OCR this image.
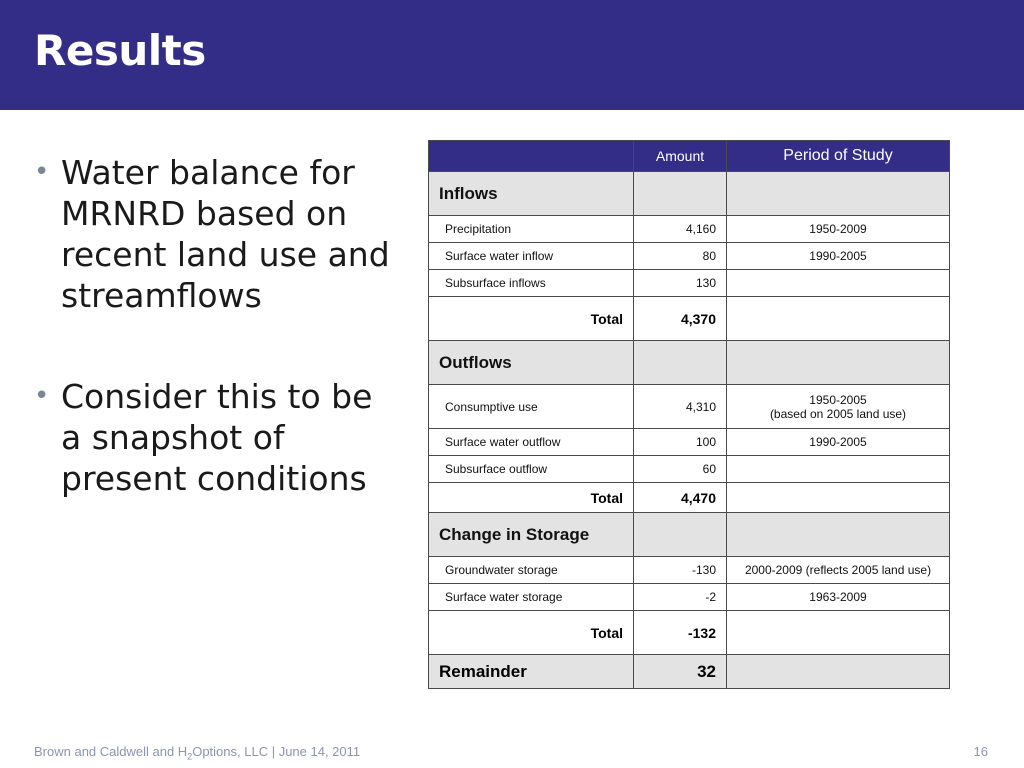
Results
• Water balance for MRNRD based on recent land use and streamflows
• Consider this to be a snapshot of present conditions
	Amount	Period of Study
Inflows		
Precipitation	4,160	1950-2009
Surface water inflow	80	1990-2005
Subsurface inflows	130	
Total	4,370	
Outflows		
Consumptive use	4,310	1950-2005
(based on 2005 land use)

Surface water outflow	100	1990-2005
Subsurface outflow	60	
Total	4,470	
Change in Storage		
Groundwater storage	-130	2000-2009 (reflects 2005 land use)
Surface water storage	-2	1963-2009
Total	-132	
Remainder	32	
Brown and Caldwell and $H_2Options$, LLC | June 14, 2011	16
